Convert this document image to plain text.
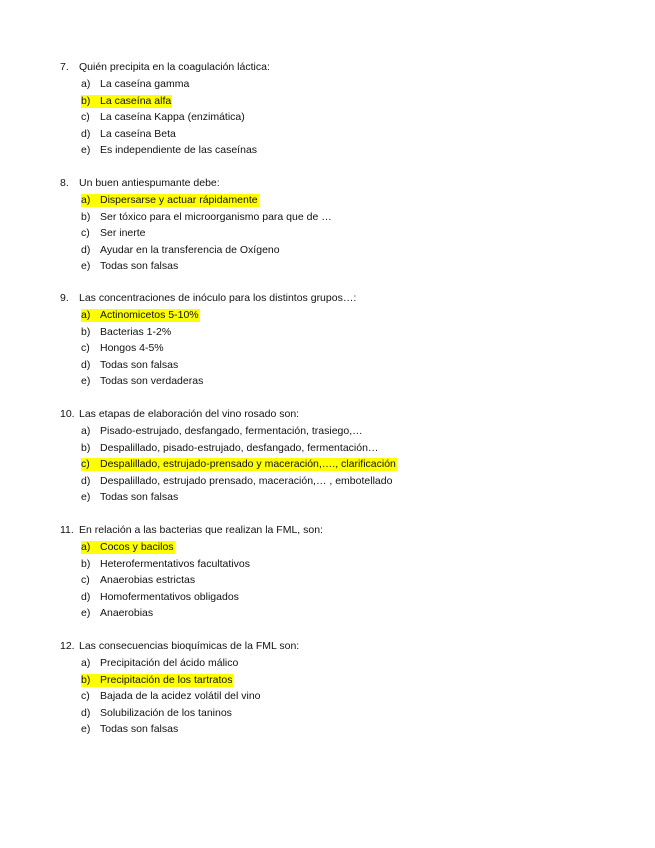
7. Quién precipita en la coagulación láctica:
a) La caseína gamma
b) La caseína alfa
c) La caseína Kappa (enzimática)
d) La caseína Beta
e) Es independiente de las caseínas
8. Un buen antiespumante debe:
a) Dispersarse y actuar rápidamente
b) Ser tóxico para el microorganismo para que de …
c) Ser inerte
d) Ayudar en la transferencia de Oxígeno
e) Todas son falsas
9. Las concentraciones de inóculo para los distintos grupos…:
a) Actinomicetos 5-10%
b) Bacterias 1-2%
c) Hongos 4-5%
d) Todas son falsas
e) Todas son verdaderas
10. Las etapas de elaboración del vino rosado son:
a) Pisado-estrujado, desfangado, fermentación, trasiego,…
b) Despalillado, pisado-estrujado, desfangado, fermentación…
c) Despalillado, estrujado-prensado y maceración,…., clarificación
d) Despalillado, estrujado prensado, maceración,… , embotellado
e) Todas son falsas
11. En relación a las bacterias que realizan la FML, son:
a) Cocos y bacilos
b) Heterofermentativos facultativos
c) Anaerobias estrictas
d) Homofermentativos obligados
e) Anaerobias
12. Las consecuencias bioquímicas de la FML son:
a) Precipitación del ácido málico
b) Precipitación de los tartratos
c) Bajada de la acidez volátil del vino
d) Solubilización de los taninos
e) Todas son falsas
